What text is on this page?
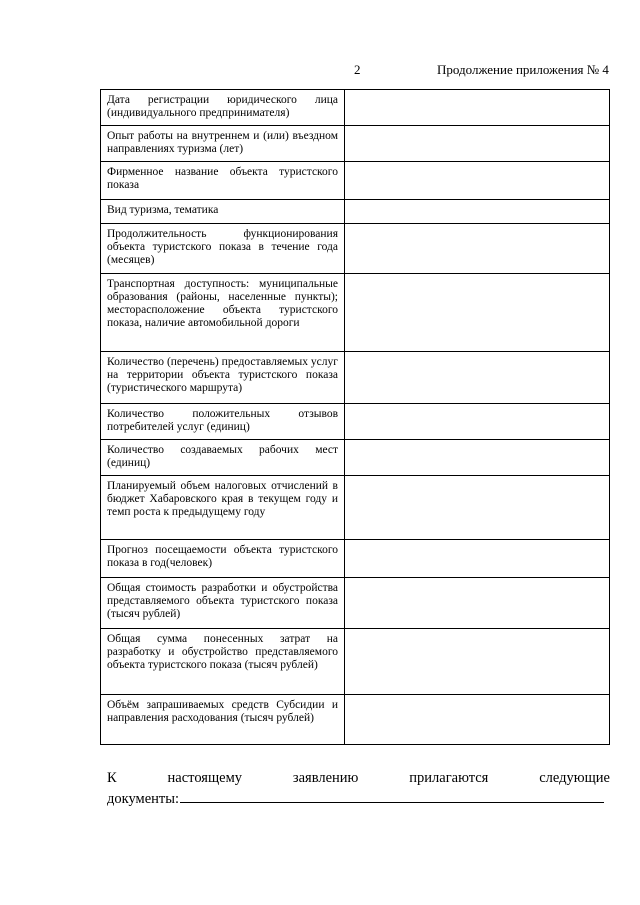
2	Продолжение приложения № 4
Дата регистрации юридического лица (индивидуального предпринимателя)	
Опыт работы на внутреннем и (или) въездном направлениях туризма (лет)	
Фирменное название объекта туристского показа	
Вид туризма, тематика	
Продолжительность функционирования объекта туристского показа в течение года (месяцев)	
Транспортная доступность: муниципальные образования (районы, населенные пункты); месторасположение объекта туристского показа, наличие автомобильной дороги	
Количество (перечень) предоставляемых услуг на территории объекта туристского показа (туристического маршрута)	
Количество положительных отзывов потребителей услуг (единиц)	
Количество создаваемых рабочих мест (единиц)	
Планируемый объем налоговых отчислений в бюджет Хабаровского края в текущем году и темп роста к предыдущему году	
Прогноз посещаемости объекта туристского показа в год(человек)	
Общая стоимость разработки и обустройства представляемого объекта туристского показа (тысяч рублей)	
Общая сумма понесенных затрат на разработку и обустройство представляемого объекта туристского показа (тысяч рублей)	
Объём запрашиваемых средств Субсидии и направления расходования (тысяч рублей)	
К	настоящему	заявлению	прилагаются	следующие
документы:
